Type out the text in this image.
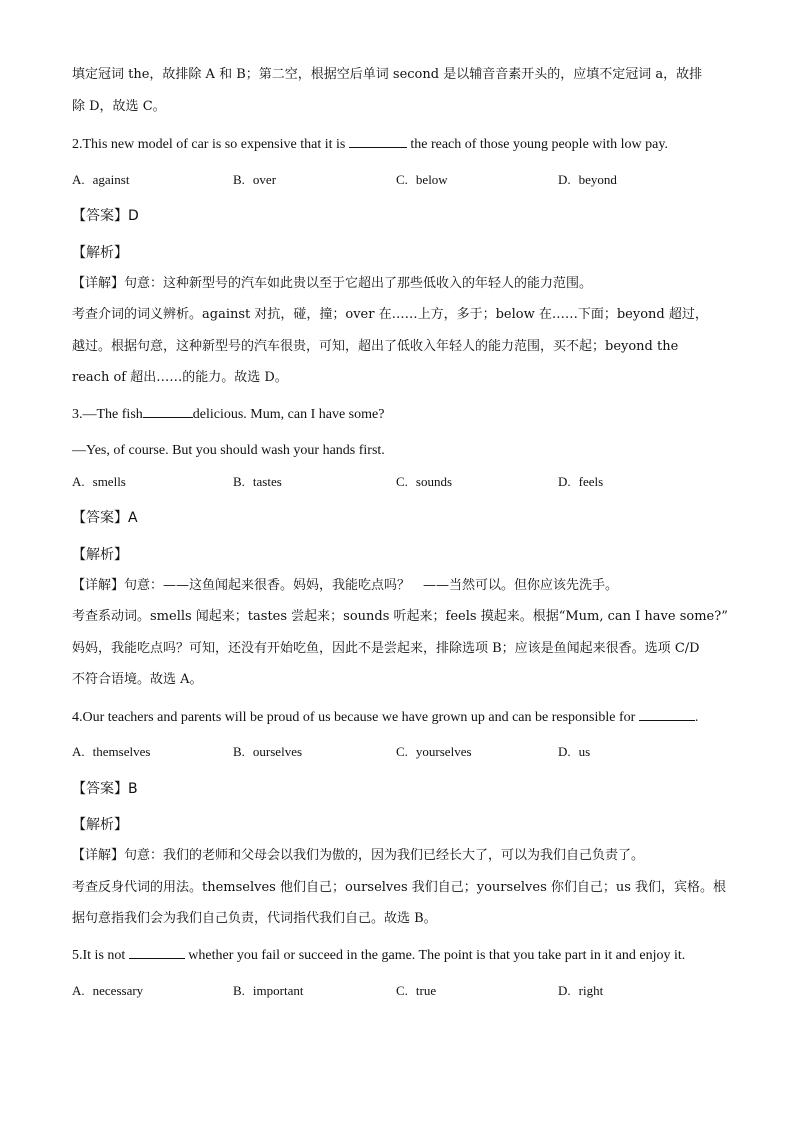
填定冠词 the，故排除 A 和 B；第二空，根据空后单词 second 是以辅音音素开头的，应填不定冠词 a，故排
除 D，故选 C。
2.This new model of car is so expensive that it is	the reach of those young people with low pay.
A. against	B. over	C. below	D. beyond
【答案】D
【解析】
【详解】句意：这种新型号的汽车如此贵以至于它超出了那些低收入的年轻人的能力范围。
考查介词的词义辨析。against 对抗，碰，撞；over 在……上方，多于；below 在……下面；beyond 超过，
越过。根据句意，这种新型号的汽车很贵，可知，超出了低收入年轻人的能力范围，买不起；beyond the
reach of 超出……的能力。故选 D。
3.—The fish	delicious. Mum, can I have some?
—Yes, of course. But you should wash your hands first.
A. smells	B. tastes	C. sounds	D. feels
【答案】A
【解析】
【详解】句意：——这鱼闻起来很香。妈妈，我能吃点吗？　——当然可以。但你应该先洗手。
考查系动词。smells 闻起来；tastes 尝起来；sounds 听起来；feels 摸起来。根据“Mum, can I have some?”
妈妈，我能吃点吗？可知，还没有开始吃鱼，因此不是尝起来，排除选项 B；应该是鱼闻起来很香。选项 C/D
不符合语境。故选 A。
4.Our teachers and parents will be proud of us because we have grown up and can be responsible for	.
A. themselves	B. ourselves	C. yourselves	D. us
【答案】B
【解析】
【详解】句意：我们的老师和父母会以我们为傲的，因为我们已经长大了，可以为我们自己负责了。
考查反身代词的用法。themselves 他们自己；ourselves 我们自己；yourselves 你们自己；us 我们，宾格。根
据句意指我们会为我们自己负责，代词指代我们自己。故选 B。
5.It is not	whether you fail or succeed in the game. The point is that you take part in it and enjoy it.
A. necessary	B. important	C. true	D. right
